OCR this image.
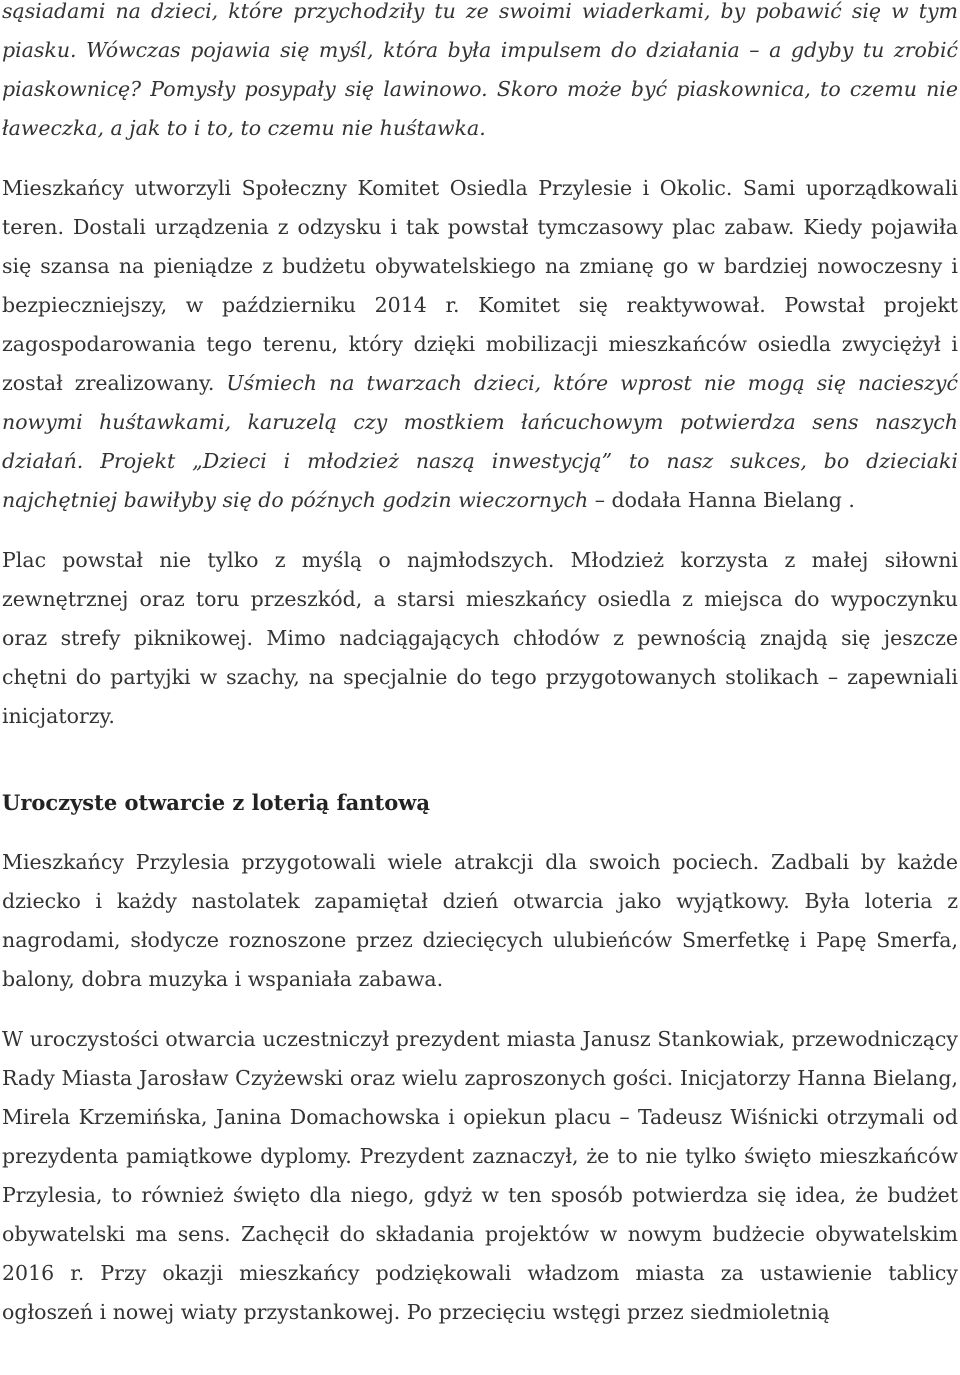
sąsiadami na dzieci, które przychodziły tu ze swoimi wiaderkami, by pobawić się w tym piasku. Wówczas pojawia się myśl, która była impulsem do działania – a gdyby tu zrobić piaskownicę? Pomysły posypały się lawinowo. Skoro może być piaskownica, to czemu nie ławeczka, a jak to i to, to czemu nie huśtawka.

Mieszkańcy utworzyli Społeczny Komitet Osiedla Przylesie i Okolic. Sami uporządkowali teren. Dostali urządzenia z odzysku i tak powstał tymczasowy plac zabaw. Kiedy pojawiła się szansa na pieniądze z budżetu obywatelskiego na zmianę go w bardziej nowoczesny i bezpieczniejszy, w październiku 2014 r. Komitet się reaktywował. Powstał projekt zagospodarowania tego terenu, który dzięki mobilizacji mieszkańców osiedla zwyciężył i został zrealizowany. Uśmiech na twarzach dzieci, które wprost nie mogą się nacieszyć nowymi huśtawkami, karuzelą czy mostkiem łańcuchowym potwierdza sens naszych działań. Projekt „Dzieci i młodzież naszą inwestycją” to nasz sukces, bo dzieciaki najchętniej bawiłyby się do późnych godzin wieczornych – dodała Hanna Bielang .

Plac powstał nie tylko z myślą o najmłodszych. Młodzież korzysta z małej siłowni zewnętrznej oraz toru przeszkód, a starsi mieszkańcy osiedla z miejsca do wypoczynku oraz strefy piknikowej. Mimo nadciągających chłodów z pewnością znajdą się jeszcze chętni do partyjki w szachy, na specjalnie do tego przygotowanych stolikach – zapewniali inicjatorzy.

Uroczyste otwarcie z loterią fantową

Mieszkańcy Przylesia przygotowali wiele atrakcji dla swoich pociech. Zadbali by każde dziecko i każdy nastolatek zapamiętał dzień otwarcia jako wyjątkowy. Była loteria z nagrodami, słodycze roznoszone przez dziecięcych ulubieńców Smerfetkę i Papę Smerfa, balony, dobra muzyka i wspaniała zabawa.

W uroczystości otwarcia uczestniczył prezydent miasta Janusz Stankowiak, przewodniczący Rady Miasta Jarosław Czyżewski oraz wielu zaproszonych gości. Inicjatorzy Hanna Bielang, Mirela Krzemińska, Janina Domachowska i opiekun placu – Tadeusz Wiśnicki otrzymali od prezydenta pamiątkowe dyplomy. Prezydent zaznaczył, że to nie tylko święto mieszkańców Przylesia, to również święto dla niego, gdyż w ten sposób potwierdza się idea, że budżet obywatelski ma sens. Zachęcił do składania projektów w nowym budżecie obywatelskim 2016 r. Przy okazji mieszkańcy podziękowali władzom miasta za ustawienie tablicy ogłoszeń i nowej wiaty przystankowej. Po przecięciu wstęgi przez siedmioletnią
